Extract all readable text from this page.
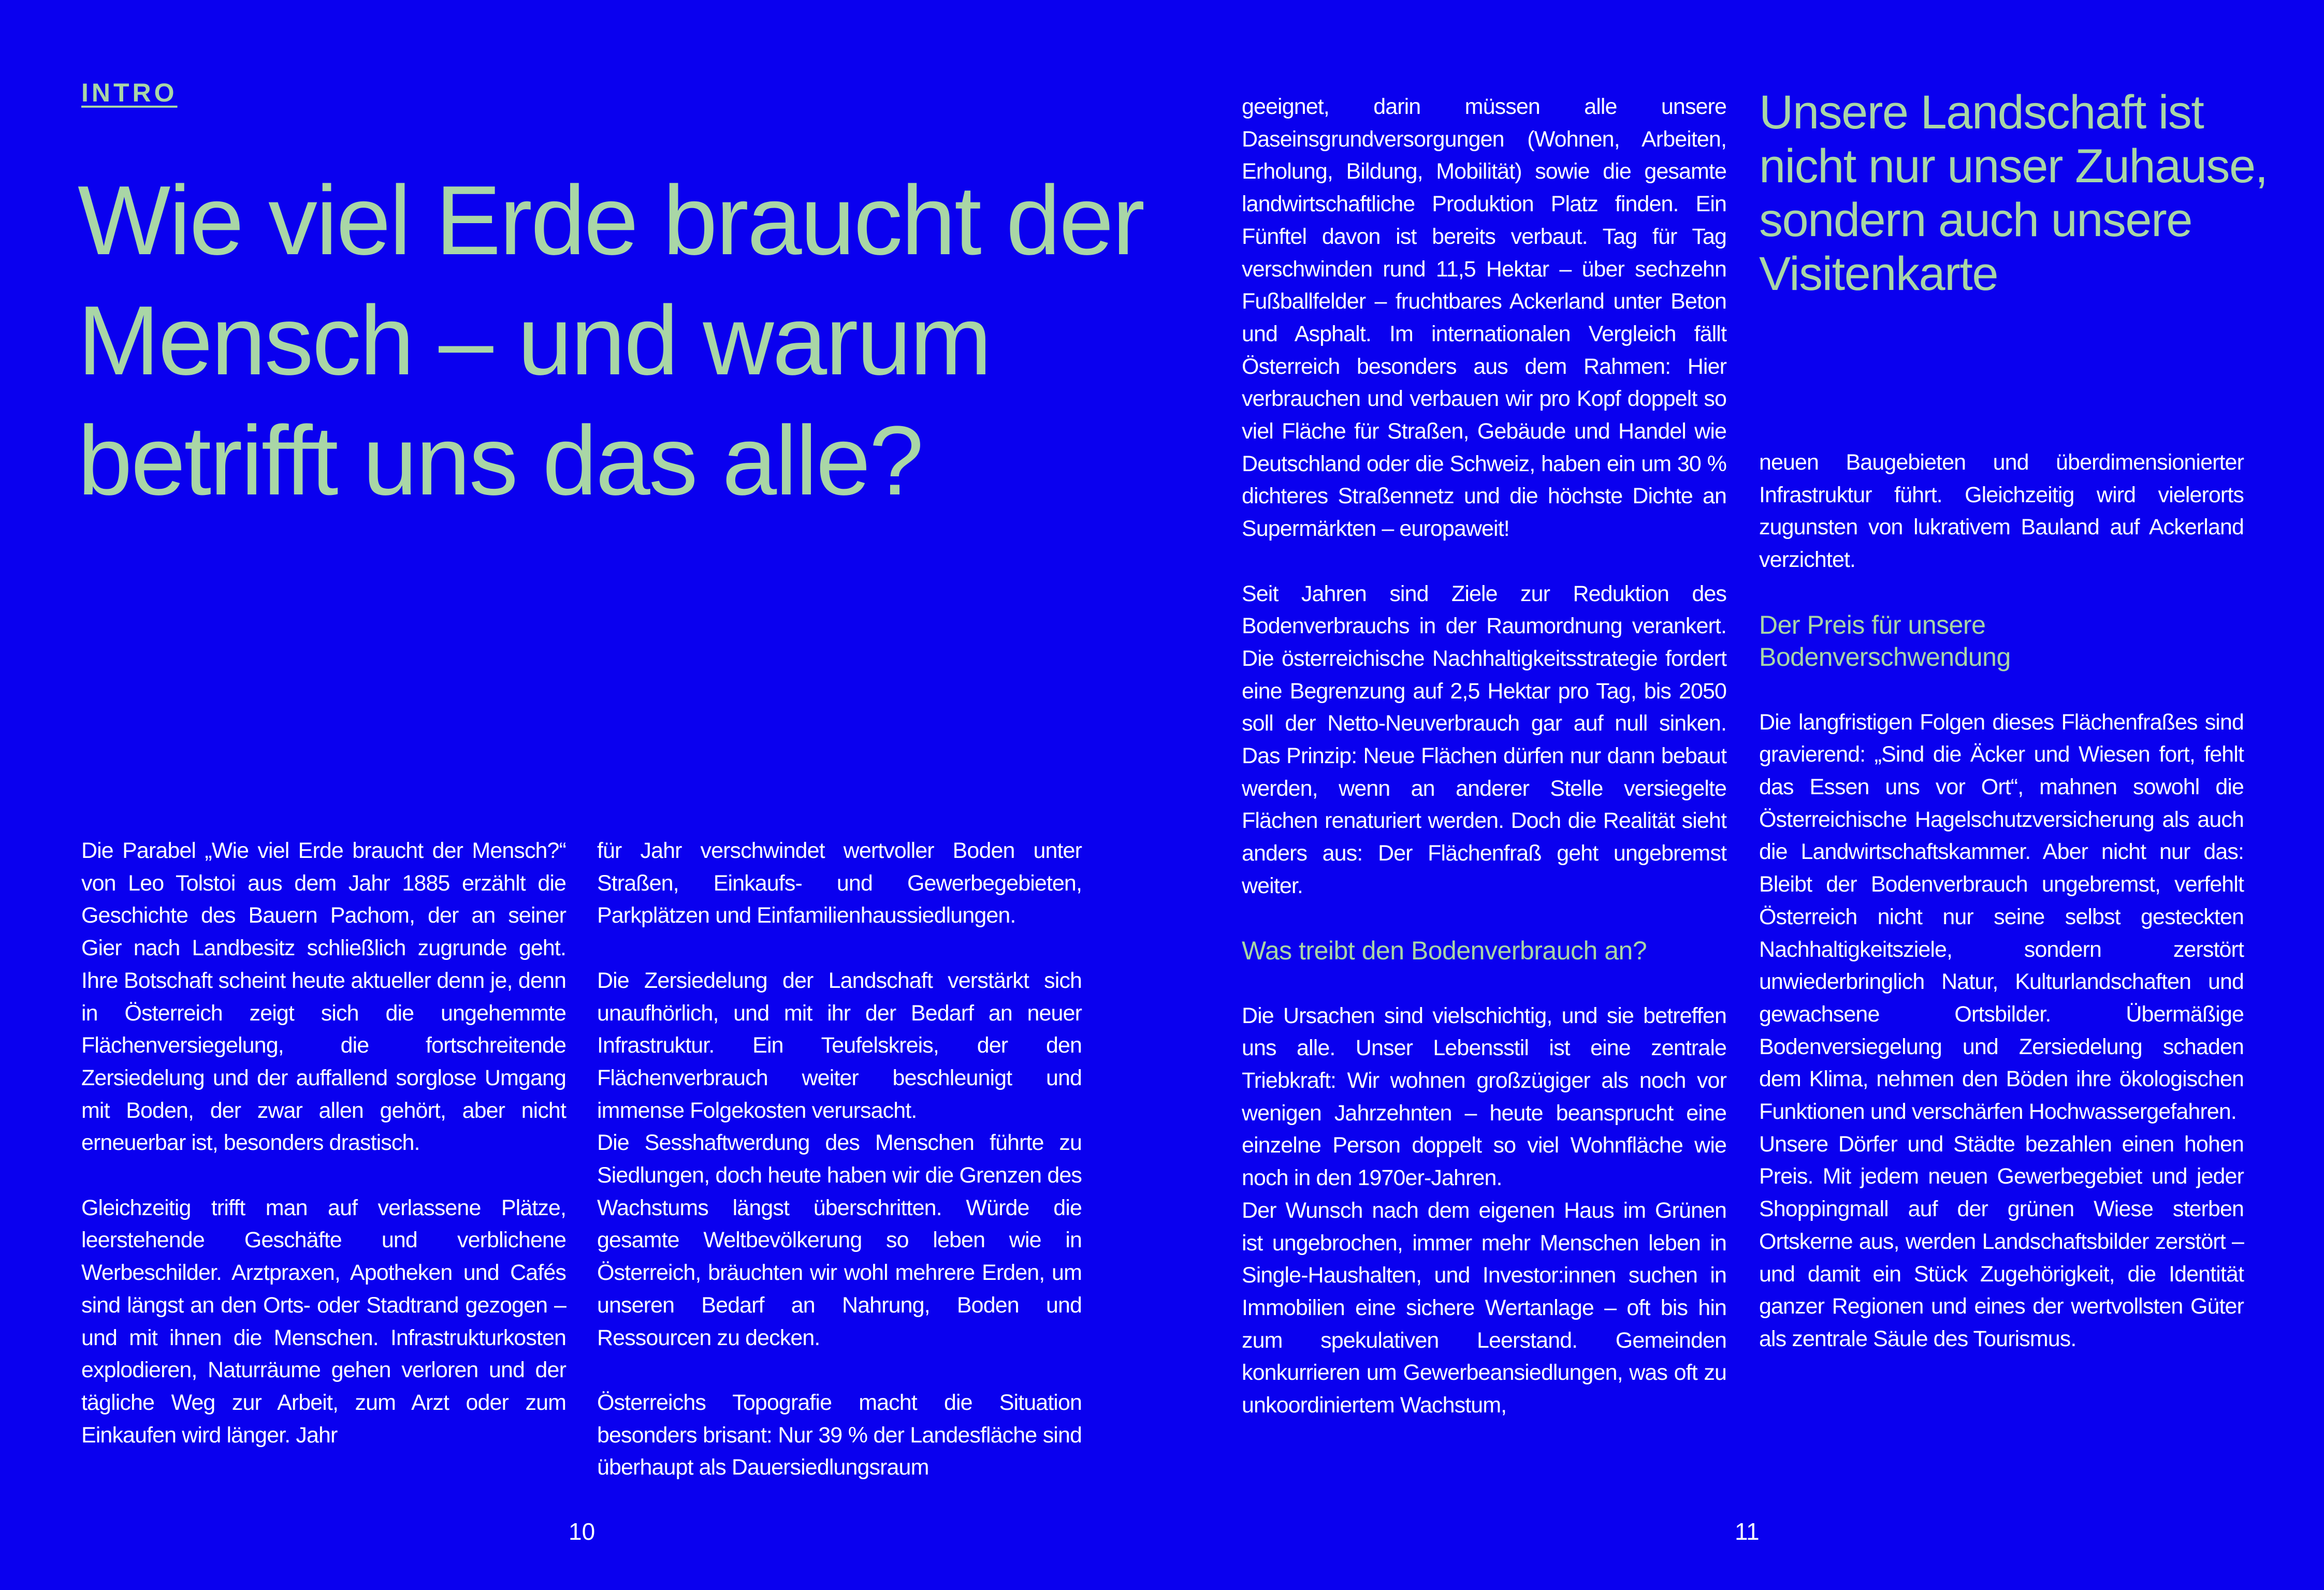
INTRO
Wie viel Erde braucht der Mensch – und warum betrifft uns das alle?

Die Parabel „Wie viel Erde braucht der Mensch?“ von Leo Tolstoi aus dem Jahr 1885 erzählt die Geschichte des Bauern Pachom, der an seiner Gier nach Landbesitz schließlich zugrunde geht. Ihre Botschaft scheint heute aktueller denn je, denn in Österreich zeigt sich die ungehemmte Flächenversiegelung, die fortschreitende Zersiedelung und der auffallend sorglose Umgang mit Boden, der zwar allen gehört, aber nicht erneuerbar ist, besonders drastisch.

Gleichzeitig trifft man auf verlassene Plätze, leerstehende Geschäfte und verblichene Werbeschilder. Arztpraxen, Apotheken und Cafés sind längst an den Orts- oder Stadtrand gezogen – und mit ihnen die Menschen. Infrastrukturkosten explodieren, Naturräume gehen verloren und der tägliche Weg zur Arbeit, zum Arzt oder zum Einkaufen wird länger. Jahr

für Jahr verschwindet wertvoller Boden unter Straßen, Einkaufs- und Gewerbegebieten, Parkplätzen und Einfamilienhaussiedlungen.

Die Zersiedelung der Landschaft verstärkt sich unaufhörlich, und mit ihr der Bedarf an neuer Infrastruktur. Ein Teufelskreis, der den Flächenverbrauch weiter beschleunigt und immense Folgekosten verursacht.

Die Sesshaftwerdung des Menschen führte zu Siedlungen, doch heute haben wir die Grenzen des Wachstums längst überschritten. Würde die gesamte Weltbevölkerung so leben wie in Österreich, bräuchten wir wohl mehrere Erden, um unseren Bedarf an Nahrung, Boden und Ressourcen zu decken.

Österreichs Topografie macht die Situation besonders brisant: Nur 39 % der Landesfläche sind überhaupt als Dauersiedlungsraum

geeignet, darin müssen alle unsere Daseinsgrundversorgungen (Wohnen, Arbeiten, Erholung, Bildung, Mobilität) sowie die gesamte landwirtschaftliche Produktion Platz finden. Ein Fünftel davon ist bereits verbaut. Tag für Tag verschwinden rund 11,5 Hektar – über sechzehn Fußballfelder – fruchtbares Ackerland unter Beton und Asphalt. Im internationalen Vergleich fällt Österreich besonders aus dem Rahmen: Hier verbrauchen und verbauen wir pro Kopf doppelt so viel Fläche für Straßen, Gebäude und Handel wie Deutschland oder die Schweiz, haben ein um 30 % dichteres Straßennetz und die höchste Dichte an Supermärkten – europaweit!

Seit Jahren sind Ziele zur Reduktion des Bodenverbrauchs in der Raumordnung verankert. Die österreichische Nachhaltigkeitsstrategie fordert eine Begrenzung auf 2,5 Hektar pro Tag, bis 2050 soll der Netto-Neuverbrauch gar auf null sinken. Das Prinzip: Neue Flächen dürfen nur dann bebaut werden, wenn an anderer Stelle versiegelte Flächen renaturiert werden. Doch die Realität sieht anders aus: Der Flächenfraß geht ungebremst weiter.

Was treibt den Bodenverbrauch an?

Die Ursachen sind vielschichtig, und sie betreffen uns alle. Unser Lebensstil ist eine zentrale Triebkraft: Wir wohnen großzügiger als noch vor wenigen Jahrzehnten – heute beansprucht eine einzelne Person doppelt so viel Wohnfläche wie noch in den 1970er-Jahren.

Der Wunsch nach dem eigenen Haus im Grünen ist ungebrochen, immer mehr Menschen leben in Single-Haushalten, und Investor:innen suchen in Immobilien eine sichere Wertanlage – oft bis hin zum spekulativen Leerstand. Gemeinden konkurrieren um Gewerbeansiedlungen, was oft zu unkoordiniertem Wachstum,

Unsere Landschaft ist nicht nur unser Zuhause, sondern auch unsere Visitenkarte

neuen Baugebieten und überdimensionierter Infrastruktur führt. Gleichzeitig wird vielerorts zugunsten von lukrativem Bauland auf Ackerland verzichtet.

Der Preis für unsere Bodenverschwendung

Die langfristigen Folgen dieses Flächenfraßes sind gravierend: „Sind die Äcker und Wiesen fort, fehlt das Essen uns vor Ort“, mahnen sowohl die Österreichische Hagelschutzversicherung als auch die Landwirtschaftskammer. Aber nicht nur das: Bleibt der Bodenverbrauch ungebremst, verfehlt Österreich nicht nur seine selbst gesteckten Nachhaltigkeitsziele, sondern zerstört unwiederbringlich Natur, Kulturlandschaften und gewachsene Ortsbilder. Übermäßige Bodenversiegelung und Zersiedelung schaden dem Klima, nehmen den Böden ihre ökologischen Funktionen und verschärfen Hochwassergefahren.

Unsere Dörfer und Städte bezahlen einen hohen Preis. Mit jedem neuen Gewerbegebiet und jeder Shoppingmall auf der grünen Wiese sterben Ortskerne aus, werden Landschaftsbilder zerstört – und damit ein Stück Zugehörigkeit, die Identität ganzer Regionen und eines der wertvollsten Güter als zentrale Säule des Tourismus.

10	11
